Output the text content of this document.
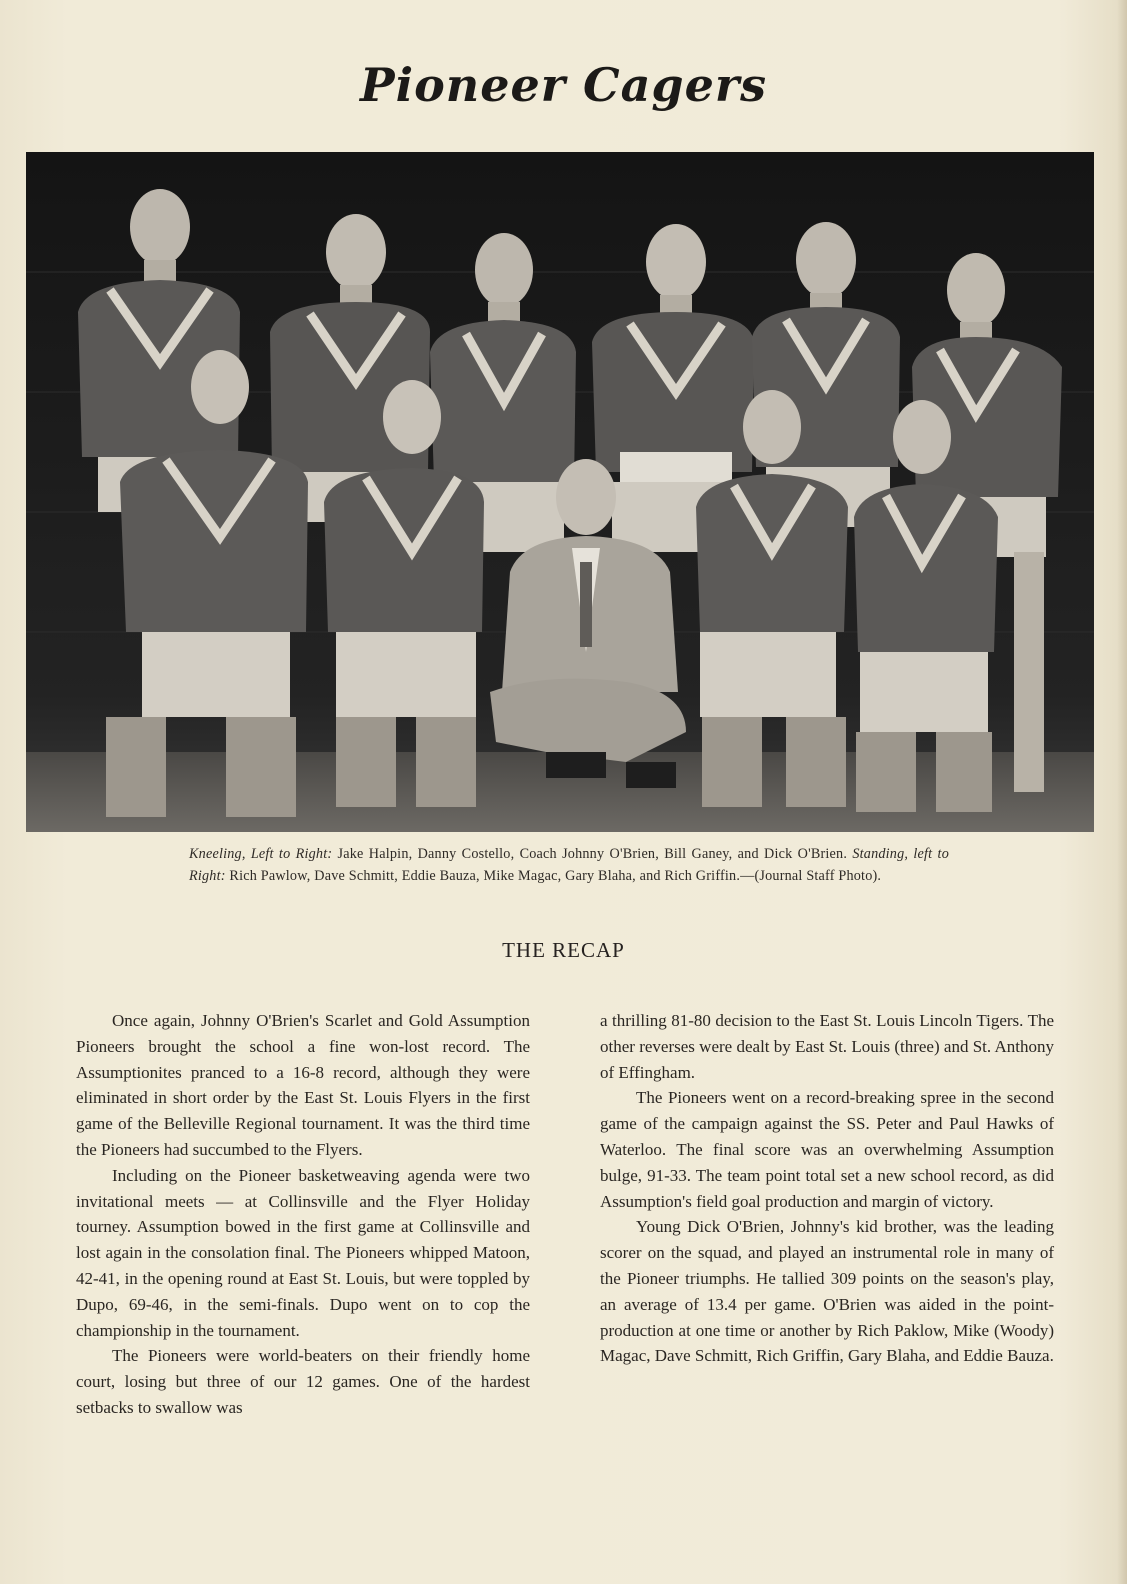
Pioneer Cagers
Kneeling, Left to Right: Jake Halpin, Danny Costello, Coach Johnny O'Brien, Bill Ganey, and Dick O'Brien. Standing, left to Right: Rich Pawlow, Dave Schmitt, Eddie Bauza, Mike Magac, Gary Blaha, and Rich Griffin.—(Journal Staff Photo).
THE RECAP

Once again, Johnny O'Brien's Scarlet and Gold Assumption Pioneers brought the school a fine won-lost record. The Assumptionites pranced to a 16-8 record, although they were eliminated in short order by the East St. Louis Flyers in the first game of the Belleville Regional tournament. It was the third time the Pioneers had succumbed to the Flyers.

Including on the Pioneer basketweaving agenda were two invitational meets — at Collinsville and the Flyer Holiday tourney. Assumption bowed in the first game at Collinsville and lost again in the consolation final. The Pioneers whipped Matoon, 42-41, in the opening round at East St. Louis, but were toppled by Dupo, 69-46, in the semi-finals. Dupo went on to cop the championship in the tournament.

The Pioneers were world-beaters on their friendly home court, losing but three of our 12 games. One of the hardest setbacks to swallow was

a thrilling 81-80 decision to the East St. Louis Lincoln Tigers. The other reverses were dealt by East St. Louis (three) and St. Anthony of Effingham.

The Pioneers went on a record-breaking spree in the second game of the campaign against the SS. Peter and Paul Hawks of Waterloo. The final score was an overwhelming Assumption bulge, 91-33. The team point total set a new school record, as did Assumption's field goal production and margin of victory.

Young Dick O'Brien, Johnny's kid brother, was the leading scorer on the squad, and played an instrumental role in many of the Pioneer triumphs. He tallied 309 points on the season's play, an average of 13.4 per game. O'Brien was aided in the point-production at one time or another by Rich Paklow, Mike (Woody) Magac, Dave Schmitt, Rich Griffin, Gary Blaha, and Eddie Bauza.
